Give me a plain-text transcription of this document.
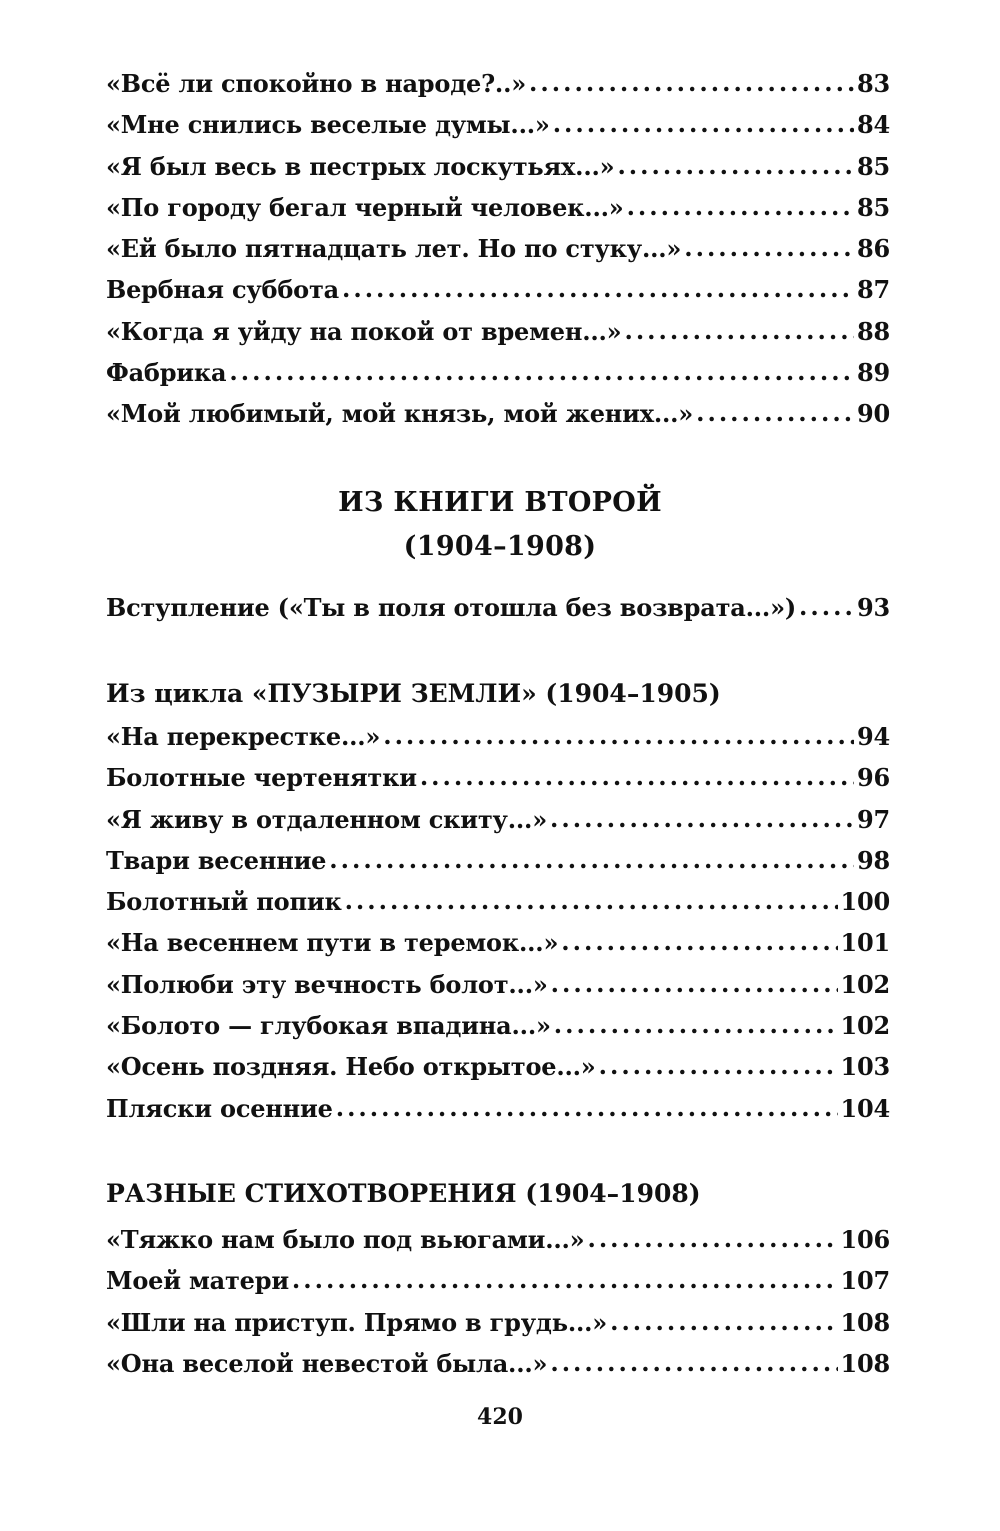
«Всё ли спокойно в народе?..» .....	83
«Мне снились веселые думы...» .....	84
«Я был весь в пестрых лоскутьях...» .....	85
«По городу бегал черный человек...» .....	85
«Ей было пятнадцать лет. Но по стуку...» .....	86
Вербная суббота .....	87
«Когда я уйду на покой от времен...» .....	88
Фабрика .....	89
«Мой любимый, мой князь, мой жених...» .....	90
ИЗ КНИГИ ВТОРОЙ
(1904–1908)
Вступление («Ты в поля отошла без возврата...») .....	93
Из цикла «ПУЗЫРИ ЗЕМЛИ» (1904–1905)
«На перекрестке...» .....	94
Болотные чертенятки .....	96
«Я живу в отдаленном скиту...» .....	97
Твари весенние .....	98
Болотный попик .....	100
«На весеннем пути в теремок...» .....	101
«Полюби эту вечность болот...» .....	102
«Болото — глубокая впадина...» .....	102
«Осень поздняя. Небо открытое...» .....	103
Пляски осенние .....	104
РАЗНЫЕ СТИХОТВОРЕНИЯ (1904–1908)
«Тяжко нам было под вьюгами...» .....	106
Моей матери .....	107
«Шли на приступ. Прямо в грудь...» .....	108
«Она веселой невестой была...» .....	108
420
